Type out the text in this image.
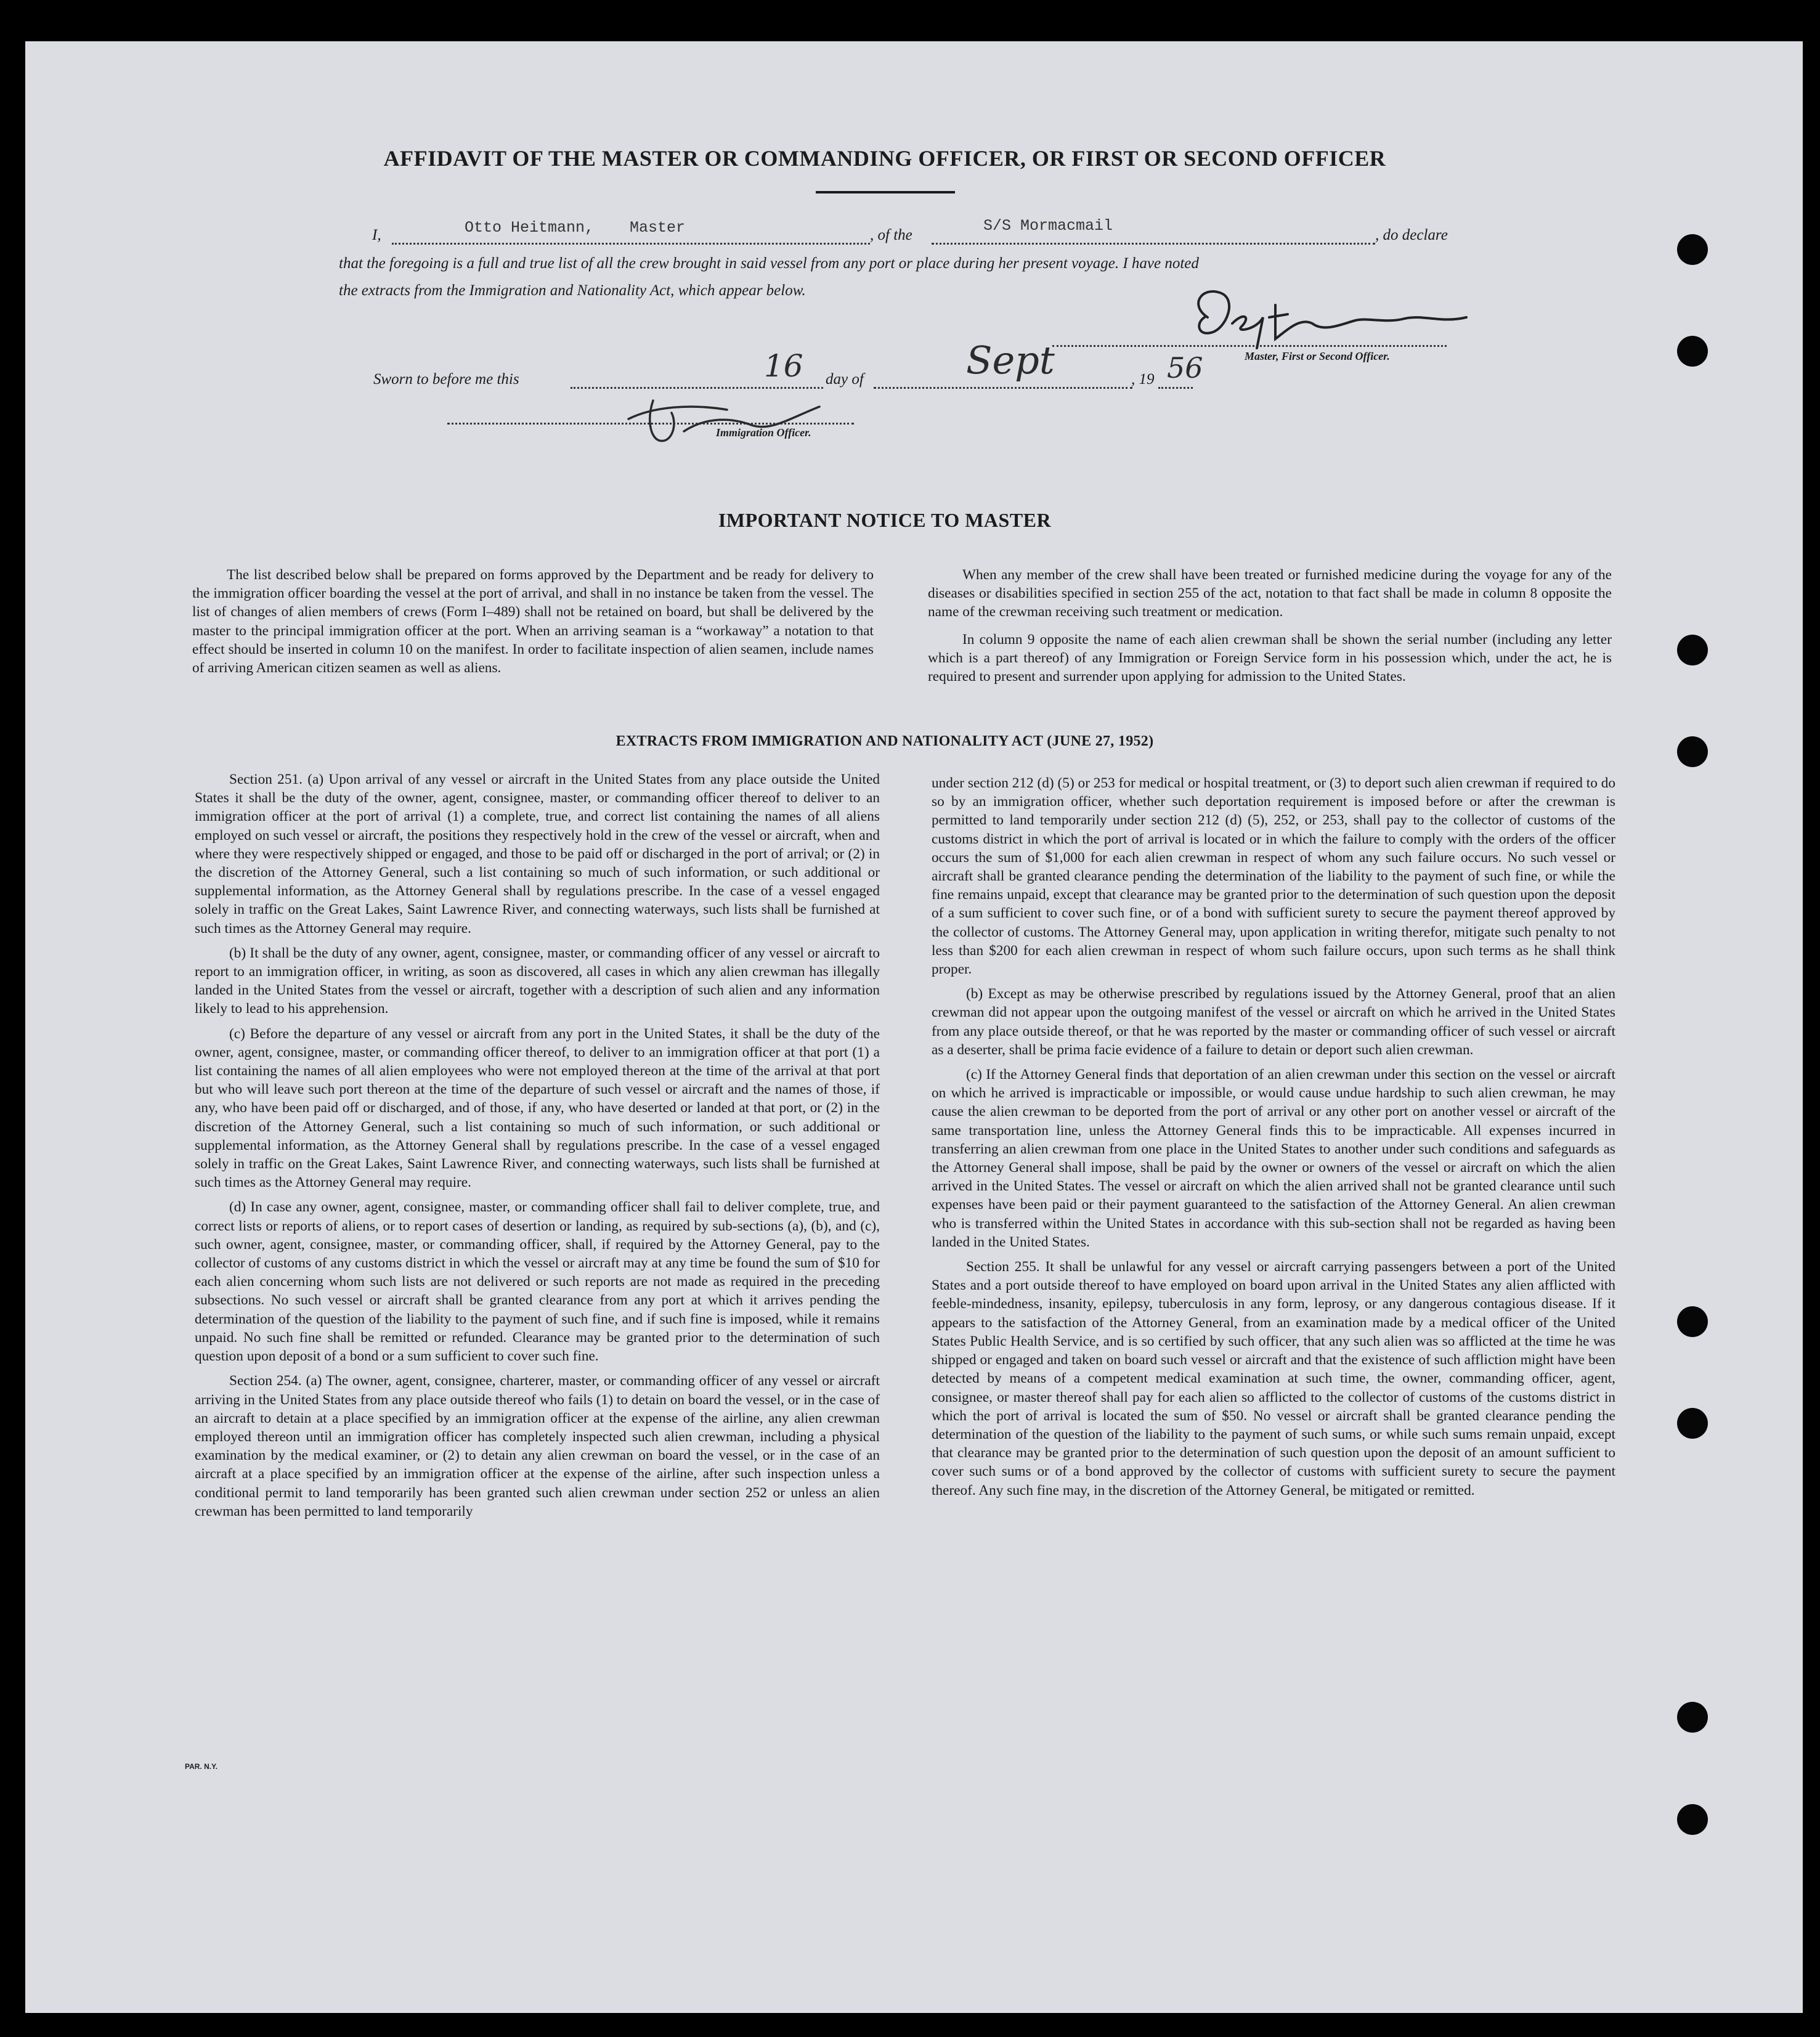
AFFIDAVIT OF THE MASTER OR COMMANDING OFFICER, OR FIRST OR SECOND OFFICER
I,	Otto Heitmann, Master	, of the
S/S Mormacmail
, do declare
that the foregoing is a full and true list of all the crew brought in said vessel from any port or place during her present voyage. I have noted
the extracts from the Immigration and Nationality Act, which appear below.
Master, First or Second Officer.
Sworn to before me this	16 day of	Sept	, 19 56
Immigration Officer.
IMPORTANT NOTICE TO MASTER

The list described below shall be prepared on forms approved by the Department and be ready for delivery to the immigration officer boarding the vessel at the port of arrival, and shall in no instance be taken from the vessel. The list of changes of alien members of crews (Form I–489) shall not be retained on board, but shall be delivered by the master to the principal immigration officer at the port. When an arriving seaman is a “workaway” a notation to that effect should be inserted in column 10 on the manifest. In order to facilitate inspection of alien seamen, include names of arriving American citizen seamen as well as aliens.

When any member of the crew shall have been treated or furnished medicine during the voyage for any of the diseases or disabilities specified in section 255 of the act, notation to that fact shall be made in column 8 opposite the name of the crewman receiving such treatment or medication.

In column 9 opposite the name of each alien crewman shall be shown the serial number (including any letter which is a part thereof) of any Immigration or Foreign Service form in his possession which, under the act, he is required to present and surrender upon applying for admission to the United States.

EXTRACTS FROM IMMIGRATION AND NATIONALITY ACT (JUNE 27, 1952)

Section 251. (a) Upon arrival of any vessel or aircraft in the United States from any place outside the United States it shall be the duty of the owner, agent, consignee, master, or commanding officer thereof to deliver to an immigration officer at the port of arrival (1) a complete, true, and correct list containing the names of all aliens employed on such vessel or aircraft, the positions they respectively hold in the crew of the vessel or aircraft, when and where they were respectively shipped or engaged, and those to be paid off or discharged in the port of arrival; or (2) in the discretion of the Attorney General, such a list containing so much of such information, or such additional or supplemental information, as the Attorney General shall by regulations prescribe. In the case of a vessel engaged solely in traffic on the Great Lakes, Saint Lawrence River, and connecting waterways, such lists shall be furnished at such times as the Attorney General may require.

(b) It shall be the duty of any owner, agent, consignee, master, or commanding officer of any vessel or aircraft to report to an immigration officer, in writing, as soon as discovered, all cases in which any alien crewman has illegally landed in the United States from the vessel or aircraft, together with a description of such alien and any information likely to lead to his apprehension.

(c) Before the departure of any vessel or aircraft from any port in the United States, it shall be the duty of the owner, agent, consignee, master, or commanding officer thereof, to deliver to an immigration officer at that port (1) a list containing the names of all alien employees who were not employed thereon at the time of the arrival at that port but who will leave such port thereon at the time of the departure of such vessel or aircraft and the names of those, if any, who have been paid off or discharged, and of those, if any, who have deserted or landed at that port, or (2) in the discretion of the Attorney General, such a list containing so much of such information, or such additional or supplemental information, as the Attorney General shall by regulations prescribe. In the case of a vessel engaged solely in traffic on the Great Lakes, Saint Lawrence River, and connecting waterways, such lists shall be furnished at such times as the Attorney General may require.

(d) In case any owner, agent, consignee, master, or commanding officer shall fail to deliver complete, true, and correct lists or reports of aliens, or to report cases of desertion or landing, as required by sub-sections (a), (b), and (c), such owner, agent, consignee, master, or commanding officer, shall, if required by the Attorney General, pay to the collector of customs of any customs district in which the vessel or aircraft may at any time be found the sum of $10 for each alien concerning whom such lists are not delivered or such reports are not made as required in the preceding subsections. No such vessel or aircraft shall be granted clearance from any port at which it arrives pending the determination of the question of the liability to the payment of such fine, and if such fine is imposed, while it remains unpaid. No such fine shall be remitted or refunded. Clearance may be granted prior to the determination of such question upon deposit of a bond or a sum sufficient to cover such fine.

Section 254. (a) The owner, agent, consignee, charterer, master, or commanding officer of any vessel or aircraft arriving in the United States from any place outside thereof who fails (1) to detain on board the vessel, or in the case of an aircraft to detain at a place specified by an immigration officer at the expense of the airline, any alien crewman employed thereon until an immigration officer has completely inspected such alien crewman, including a physical examination by the medical examiner, or (2) to detain any alien crewman on board the vessel, or in the case of an aircraft at a place specified by an immigration officer at the expense of the airline, after such inspection unless a conditional permit to land temporarily has been granted such alien crewman under section 252 or unless an alien crewman has been permitted to land temporarily

under section 212 (d) (5) or 253 for medical or hospital treatment, or (3) to deport such alien crewman if required to do so by an immigration officer, whether such deportation requirement is imposed before or after the crewman is permitted to land temporarily under section 212 (d) (5), 252, or 253, shall pay to the collector of customs of the customs district in which the port of arrival is located or in which the failure to comply with the orders of the officer occurs the sum of $1,000 for each alien crewman in respect of whom any such failure occurs. No such vessel or aircraft shall be granted clearance pending the determination of the liability to the payment of such fine, or while the fine remains unpaid, except that clearance may be granted prior to the determination of such question upon the deposit of a sum sufficient to cover such fine, or of a bond with sufficient surety to secure the payment thereof approved by the collector of customs. The Attorney General may, upon application in writing therefor, mitigate such penalty to not less than $200 for each alien crewman in respect of whom such failure occurs, upon such terms as he shall think proper.

(b) Except as may be otherwise prescribed by regulations issued by the Attorney General, proof that an alien crewman did not appear upon the outgoing manifest of the vessel or aircraft on which he arrived in the United States from any place outside thereof, or that he was reported by the master or commanding officer of such vessel or aircraft as a deserter, shall be prima facie evidence of a failure to detain or deport such alien crewman.

(c) If the Attorney General finds that deportation of an alien crewman under this section on the vessel or aircraft on which he arrived is impracticable or impossible, or would cause undue hardship to such alien crewman, he may cause the alien crewman to be deported from the port of arrival or any other port on another vessel or aircraft of the same transportation line, unless the Attorney General finds this to be impracticable. All expenses incurred in transferring an alien crewman from one place in the United States to another under such conditions and safeguards as the Attorney General shall impose, shall be paid by the owner or owners of the vessel or aircraft on which the alien arrived in the United States. The vessel or aircraft on which the alien arrived shall not be granted clearance until such expenses have been paid or their payment guaranteed to the satisfaction of the Attorney General. An alien crewman who is transferred within the United States in accordance with this sub-section shall not be regarded as having been landed in the United States.

Section 255. It shall be unlawful for any vessel or aircraft carrying passengers between a port of the United States and a port outside thereof to have employed on board upon arrival in the United States any alien afflicted with feeble-mindedness, insanity, epilepsy, tuberculosis in any form, leprosy, or any dangerous contagious disease. If it appears to the satisfaction of the Attorney General, from an examination made by a medical officer of the United States Public Health Service, and is so certified by such officer, that any such alien was so afflicted at the time he was shipped or engaged and taken on board such vessel or aircraft and that the existence of such affliction might have been detected by means of a competent medical examination at such time, the owner, commanding officer, agent, consignee, or master thereof shall pay for each alien so afflicted to the collector of customs of the customs district in which the port of arrival is located the sum of $50. No vessel or aircraft shall be granted clearance pending the determination of the question of the liability to the payment of such sums, or while such sums remain unpaid, except that clearance may be granted prior to the determination of such question upon the deposit of an amount sufficient to cover such sums or of a bond approved by the collector of customs with sufficient surety to secure the payment thereof. Any such fine may, in the discretion of the Attorney General, be mitigated or remitted.

PAR. N.Y.
